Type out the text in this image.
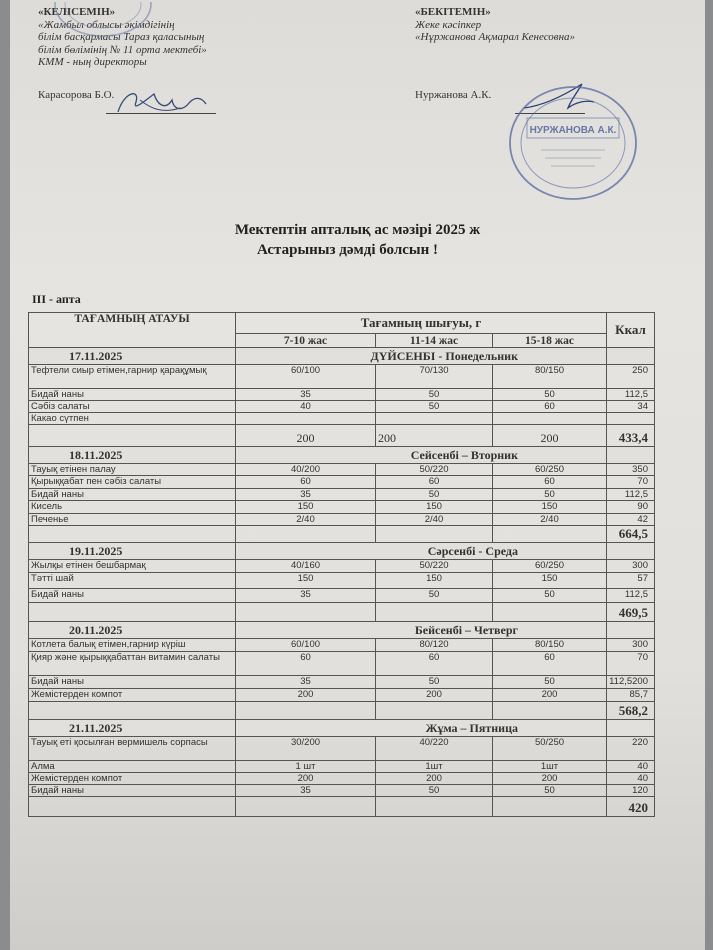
«КЕЛІСЕМІН»
«Жамбыл облысы әкімдігінің
білім басқармасы Тараз қаласының
білім бөлімінің № 11 орта мектебі»
КММ - ның директоры
Карасорова Б.О.
«БЕКІТЕМІН»
Жеке кәсіпкер
«Нұржанова Ақмарал Кенесовна»
Нуржанова А.К.
НУРЖАНОВА А.К.
Мектептін апталық ас мәзірі 2025 ж
Астарыныз дәмді болсын !
III - апта
ТАҒАМНЫҢ АТАУЫ	Тағамның шығуы, г			Ккал
	7-10 жас	11-14 жас	15-18 жас	
17.11.2025	ДҮЙСЕНБІ - Понедельник			
Тефтели сиыр етімен,гарнир қарақұмық	60/100	70/130	80/150	250
Бидай наны	35	50	50	112,5
Сәбіз салаты	40	50	60	34
Какао сүтпен				
	200	200	200	433,4
18.11.2025	Сейсенбі – Вторник			
Тауық етінен палау	40/200	50/220	60/250	350
Қырыққабат пен сәбіз салаты	60	60	60	70
Бидай наны	35	50	50	112,5
Кисель	150	150	150	90
Печенье	2/40	2/40	2/40	42
				664,5
19.11.2025	Сәрсенбі - Среда			
Жылқы етінен бешбармақ	40/160	50/220	60/250	300
Тәтті шай	150	150	150	57
Бидай наны	35	50	50	112,5
				469,5
20.11.2025	Бейсенбі – Четверг			
Котлета балық етімен,гарнир күріш	60/100	80/120	80/150	300
Қияр және қырыққабаттан витамин салаты	60	60	60	70
Бидай наны	35	50	50	112,5200
Жемістерден компот	200	200	200	85,7
				568,2
21.11.2025	Жұма – Пятница			
Тауық еті қосылған вермишель сорпасы	30/200	40/220	50/250	220
Алма	1 шт	1шт	1шт	40
Жемістерден компот	200	200	200	40
Бидай наны	35	50	50	120
				420
